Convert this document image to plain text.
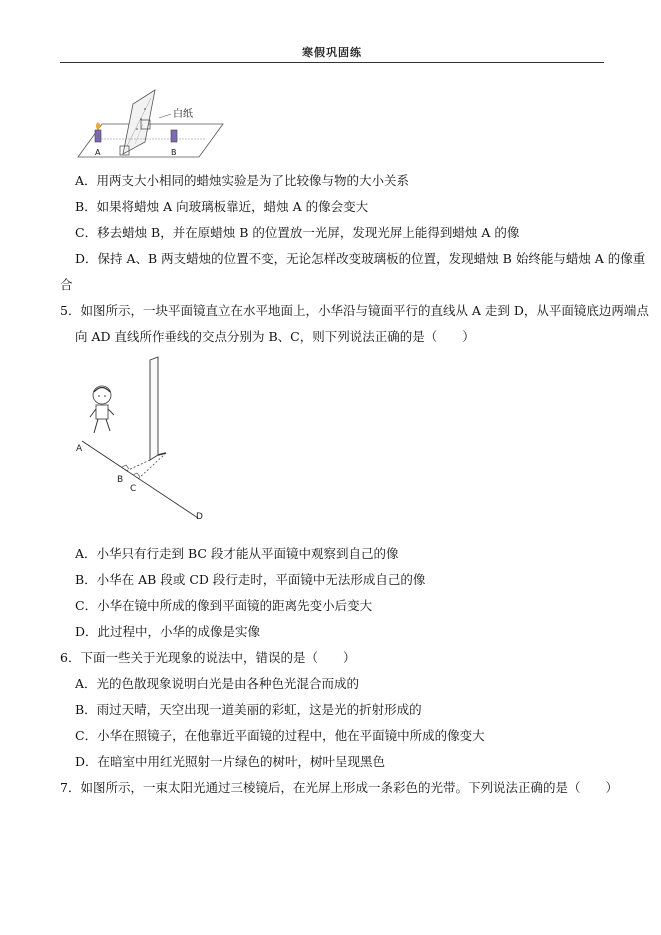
寒假巩固练
白纸
A	B
A．用两支大小相同的蜡烛实验是为了比较像与物的大小关系
B．如果将蜡烛 A 向玻璃板靠近，蜡烛 A 的像会变大
C．移去蜡烛 B，并在原蜡烛 B 的位置放一光屏，发现光屏上能得到蜡烛 A 的像
D．保持 A、B 两支蜡烛的位置不变，无论怎样改变玻璃板的位置，发现蜡烛 B 始终能与蜡烛 A 的像重
合
5．如图所示，一块平面镜直立在水平地面上，小华沿与镜面平行的直线从 A 走到 D，从平面镜底边两端点
向 AD 直线所作垂线的交点分别为 B、C，则下列说法正确的是（　　）
A
B
C
D
A．小华只有行走到 BC 段才能从平面镜中观察到自己的像
B．小华在 AB 段或 CD 段行走时，平面镜中无法形成自己的像
C．小华在镜中所成的像到平面镜的距离先变小后变大
D．此过程中，小华的成像是实像
6．下面一些关于光现象的说法中，错误的是（　　）
A．光的色散现象说明白光是由各种色光混合而成的
B．雨过天晴，天空出现一道美丽的彩虹，这是光的折射形成的
C．小华在照镜子，在他靠近平面镜的过程中，他在平面镜中所成的像变大
D．在暗室中用红光照射一片绿色的树叶，树叶呈现黑色
7．如图所示，一束太阳光通过三棱镜后，在光屏上形成一条彩色的光带。下列说法正确的是（　　）
